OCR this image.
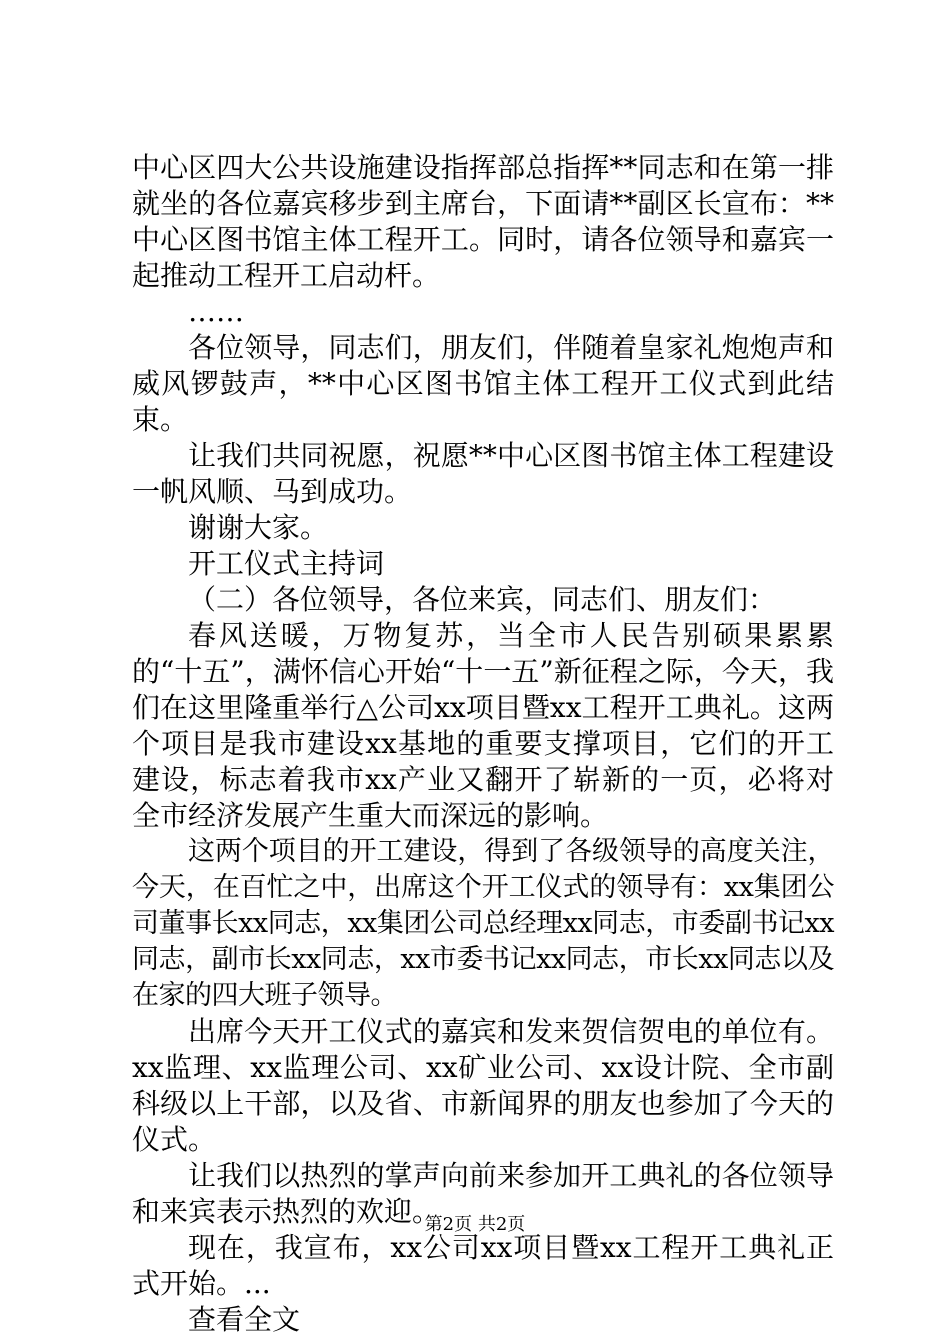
中心区四大公共设施建设指挥部总指挥**同志和在第一排就坐的各位嘉宾移步到主席台，下面请**副区长宣布：**中心区图书馆主体工程开工。同时，请各位领导和嘉宾一起推动工程开工启动杆。

……

各位领导，同志们，朋友们，伴随着皇家礼炮炮声和威风锣鼓声，**中心区图书馆主体工程开工仪式到此结束。

让我们共同祝愿，祝愿**中心区图书馆主体工程建设一帆风顺、马到成功。

谢谢大家。

开工仪式主持词

（二）各位领导，各位来宾，同志们、朋友们：

春风送暖，万物复苏，当全市人民告别硕果累累的“十五”，满怀信心开始“十一五”新征程之际，今天，我们在这里隆重举行△公司xx项目暨xx工程开工典礼。这两个项目是我市建设xx基地的重要支撑项目，它们的开工建设，标志着我市xx产业又翻开了崭新的一页，必将对全市经济发展产生重大而深远的影响。

这两个项目的开工建设，得到了各级领导的高度关注，今天，在百忙之中，出席这个开工仪式的领导有：xx集团公司董事长xx同志，xx集团公司总经理xx同志，市委副书记xx同志，副市长xx同志，xx市委书记xx同志，市长xx同志以及在家的四大班子领导。

出席今天开工仪式的嘉宾和发来贺信贺电的单位有。xx监理、xx监理公司、xx矿业公司、xx设计院、全市副科级以上干部，以及省、市新闻界的朋友也参加了今天的仪式。

让我们以热烈的掌声向前来参加开工典礼的各位领导和来宾表示热烈的欢迎。

现在，我宣布，xx公司xx项目暨xx工程开工典礼正式开始。...

查看全文

第2页 共2页
